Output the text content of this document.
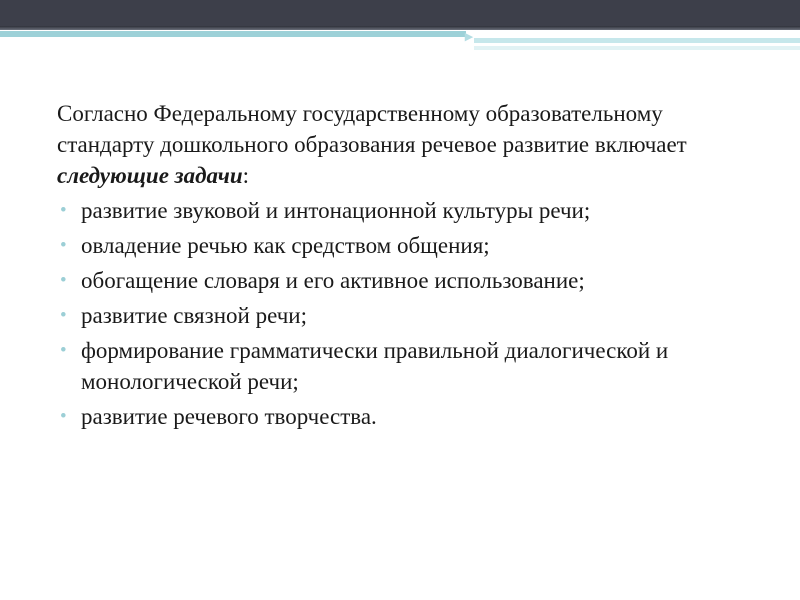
▶

Согласно Федеральному государственному образовательному стандарту дошкольного образования речевое развитие включает следующие задачи:

• развитие звуковой и интонационной культуры речи;
• овладение речью как средством общения;
• обогащение словаря и его активное использование;
• развитие связной речи;
• формирование грамматически правильной диалогической и монологической речи;
• развитие речевого творчества.
